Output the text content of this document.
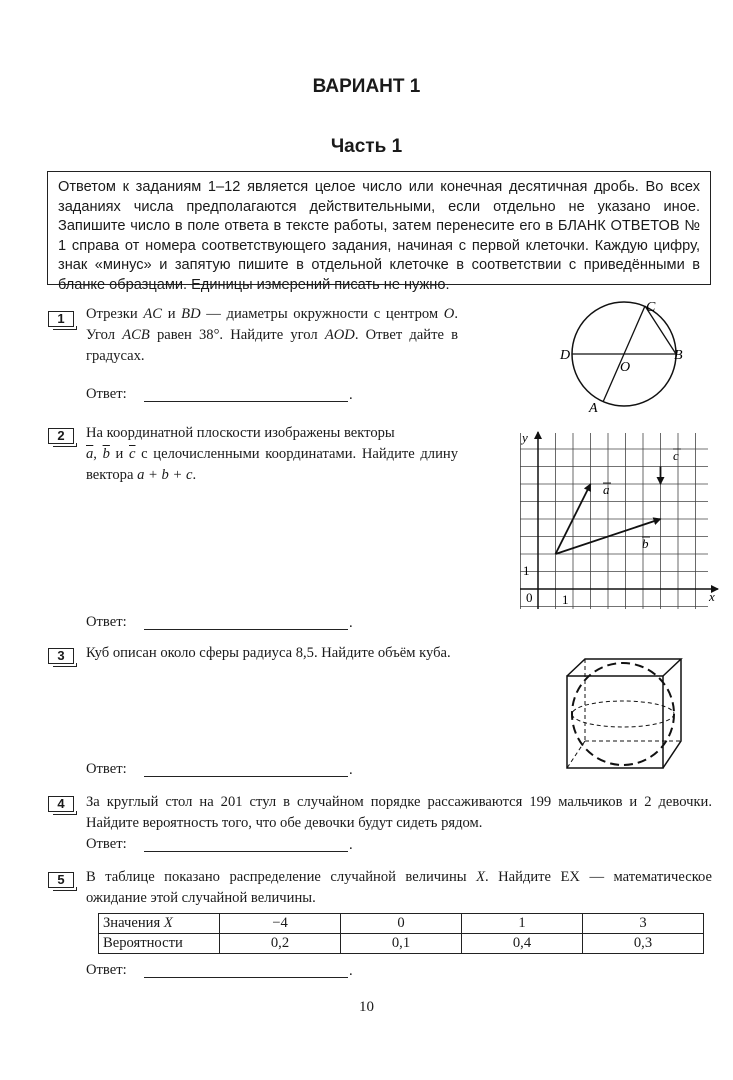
ВАРИАНТ 1
Часть 1
Ответом к заданиям 1–12 является целое число или конечная десятичная дробь. Во всех заданиях числа предполагаются действительными, если отдельно не указано иное. Запишите число в поле ответа в тексте работы, затем перенесите его в БЛАНК ОТВЕТОВ № 1 справа от номера соответствующего задания, начиная с первой клеточки. Каждую цифру, знак «минус» и запятую пишите в отдельной клеточке в соответствии с приведёнными в бланке образцами. Единицы измерений писать не нужно.
1	Отрезки AC и BD — диаметры окружности с центром O. Угол ACB равен 38°. Найдите угол AOD. Ответ дайте в градусах.
Ответ:	.
C
D	B
O
A
2	На координатной плоскости изображены векторы
$\overline{a}$, $\overline{b}$ и $\overline{c}$ с целочисленными координатами. Найдите длину вектора a + b + c.
Ответ:	.
y
x
0 1
1
a
b
c
3	Куб описан около сферы радиуса 8,5. Найдите объём куба.
Ответ:	.
4	За круглый стол на 201 стул в случайном порядке рассаживаются 199 мальчиков и 2 девочки. Найдите вероятность того, что обе девочки будут сидеть рядом.
Ответ:	.
5	В таблице показано распределение случайной величины X. Найдите EX — математическое ожидание этой случайной величины.
Значения X	−4	0	1	3
Вероятности	0,2	0,1	0,4	0,3
Ответ:	.
10
